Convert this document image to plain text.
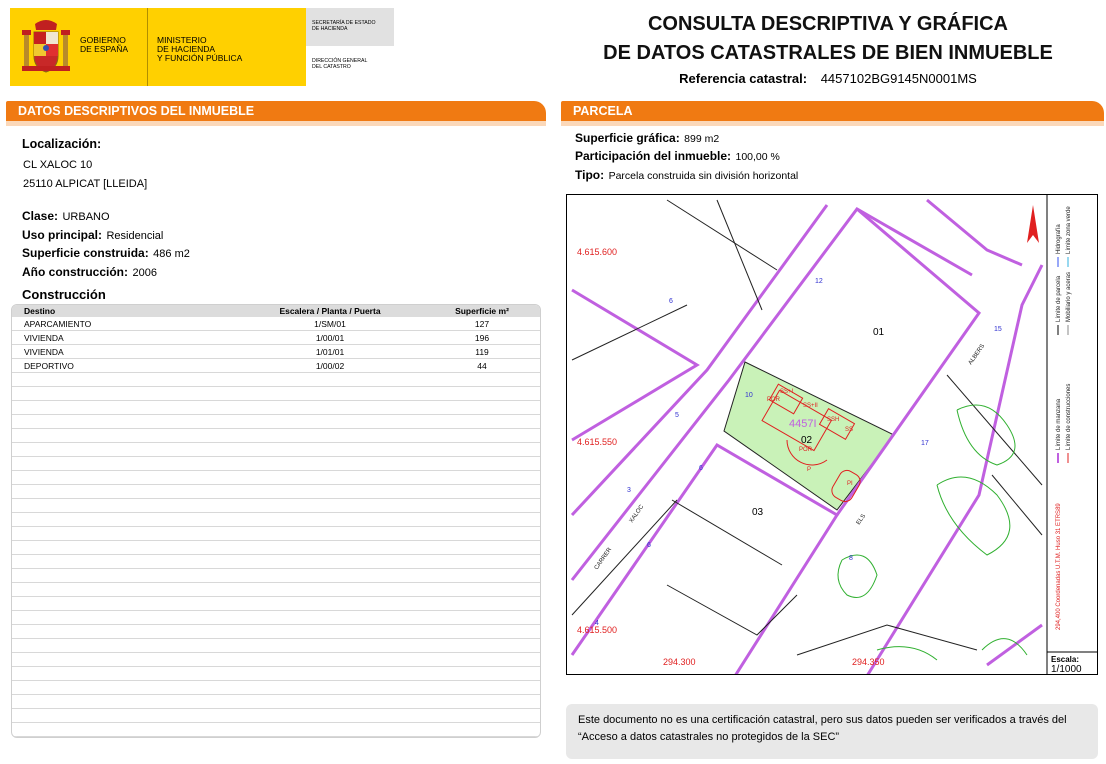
GOBIERNO
DE ESPAÑA
MINISTERIO
DE HACIENDA
Y FUNCIÓN PÚBLICA
SECRETARÍA DE ESTADO
DE HACIENDA
DIRECCIÓN GENERAL
DEL CATASTRO
CONSULTA DESCRIPTIVA Y GRÁFICA
DE DATOS CATASTRALES DE BIEN INMUEBLE
Referencia catastral: 4457102BG9145N0001MS
DATOS DESCRIPTIVOS DEL INMUEBLE
Localización:
CL XALOC 10
25110 ALPICAT [LLEIDA]
Clase: URBANO
Uso principal: Residencial
Superficie construida: 486 m2
Año construcción: 2006
Construcción
Destino	Escalera / Planta / Puerta	Superficie m²
APARCAMIENTO	1/SM/01	127
VIVIENDA	1/00/01	196
VIVIENDA	1/01/01	119
DEPORTIVO	1/00/02	44
PARCELA
Superficie gráfica: 899 m2
Participación del inmueble: 100,00 %
Tipo: Parcela construida sin división horizontal
4.615.600
4.615.550
4.615.500
294.300	294.350
01
02
03
4457I
SS+I
POR
SS+II
SSH
SS
POR
P
PI
12
15
10
5
6
3
6
4
17
6
8
CARRER
XALOC
ALBERS
ELS
Límite de manzana
Límite de parcela
Límite de construcciones
Mobiliario y aceras
Límite zona verde
Hidrografía
294,400 Coordenadas U.T.M. Huso 31 ETRS89
Escala:
1/1000
Este documento no es una certificación catastral, pero sus datos pueden ser verificados a través del “Acceso a datos catastrales no protegidos de la SEC”
